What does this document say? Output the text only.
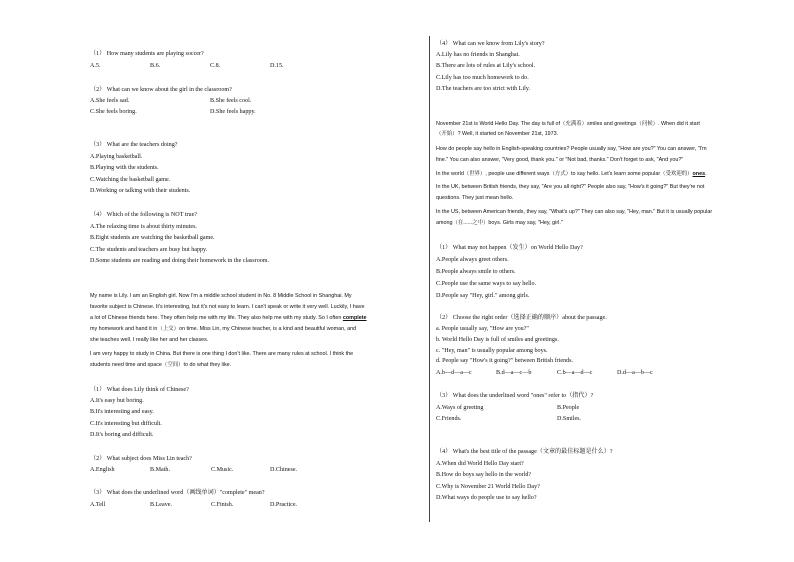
（1） How many students are playing soccer?
A.5.	B.6.	C.8.	D.15.
（2） What can we know about the girl in the classroom?
A.She feels sad.	B.She feels cool.
C.She feels boring.	D.She feels happy.
（3） What are the teachers doing?
A.Playing basketball.
B.Playing with the students.
C.Watching the basketball game.
D.Working or talking with their students.
（4） Which of the following is NOT true?
A.The relaxing time is about thirty minutes.
B.Eight students are watching the basketball game.
C.The students and teachers are busy but happy.
D.Some students are reading and doing their homework in the classroom.
My name is Lily. I am an English girl. Now I'm a middle school student in No. 8 Middle School in Shanghai. My
favorite subject is Chinese. It's interesting, but it's not easy to learn. I can't speak or write it very well. Luckily, I have
a lot of Chinese friends here. They often help me with my life. They also help me with my study. So I often complete
my homework and hand it in（上交）on time. Miss Lin, my Chinese teacher, is a kind and beautiful woman, and
she teaches well. I really like her and her classes.
I am very happy to study in China. But there is one thing I don't like. There are many rules at school. I think the
students need time and space（空间）to do what they like.
（1） What does Lily think of Chinese?
A.It's easy but boring.
B.It's interesting and easy.
C.It's interesting but difficult.
D.It's boring and difficult.
（2） What subject does Miss Lin teach?
A.English	B.Math.	C.Music.	D.Chinese.
（3） What does the underlined word（画线单词）"complete" mean?
A.Tell	B.Leave.	C.Finish.	D.Practice.
（4） What can we know from Lily's story?
A.Lily has no friends in Shanghai.
B.There are lots of rules at Lily's school.
C.Lily has too much homework to do.
D.The teachers are too strict with Lily.
November 21st is World Hello Day. The day is full of（充满着）smiles and greetings（问候）. When did it start
（开始）? Well, it started on November 21st, 1973.
How do people say hello in English-speaking countries? People usually say, "How are you?" You can answer, "I'm
fine." You can also answer, "Very good, thank you." or "Not bad, thanks." Don't forget to ask, "And you?"
In the world（世界）, people use different ways（方式）to say hello. Let's learn some popular（受欢迎的）ones.
In the UK, between British friends, they say, "Are you all right?" People also say, "How's it going?" But they're not
questions. They just mean hello.
In the US, between American friends, they say, "What's up?" They can also say, "Hey, man." But it is usually popular
among（在......之中）boys. Girls may say, "Hey, girl."
（1） What may not happen（发生）on World Hello Day?
A.People always greet others.
B.People always smile to others.
C.People use the same ways to say hello.
D.People say "Hey, girl." among girls.
（2） Choose the right order（选择正确的顺序）about the passage.
a. People usually say, "How are you?"
b. World Hello Day is full of smiles and greetings.
c. "Hey, man" is usually popular among boys.
d. People say "How's it going?" between British friends.
A.b—d—a—c	B.d—a—c—b	C.b—a—d—c	D.d—a—b—c
（3） What does the underlined word "ones" refer to（指代）?
A.Ways of greeting	B.People
C.Friends.	D.Smiles.
（4） What's the best title of the passage（文章的最佳标题是什么）?
A.When did World Hello Day start?
B.How do boys say hello in the world?
C.Why is November 21 World Hello Day?
D.What ways do people use to say hello?
